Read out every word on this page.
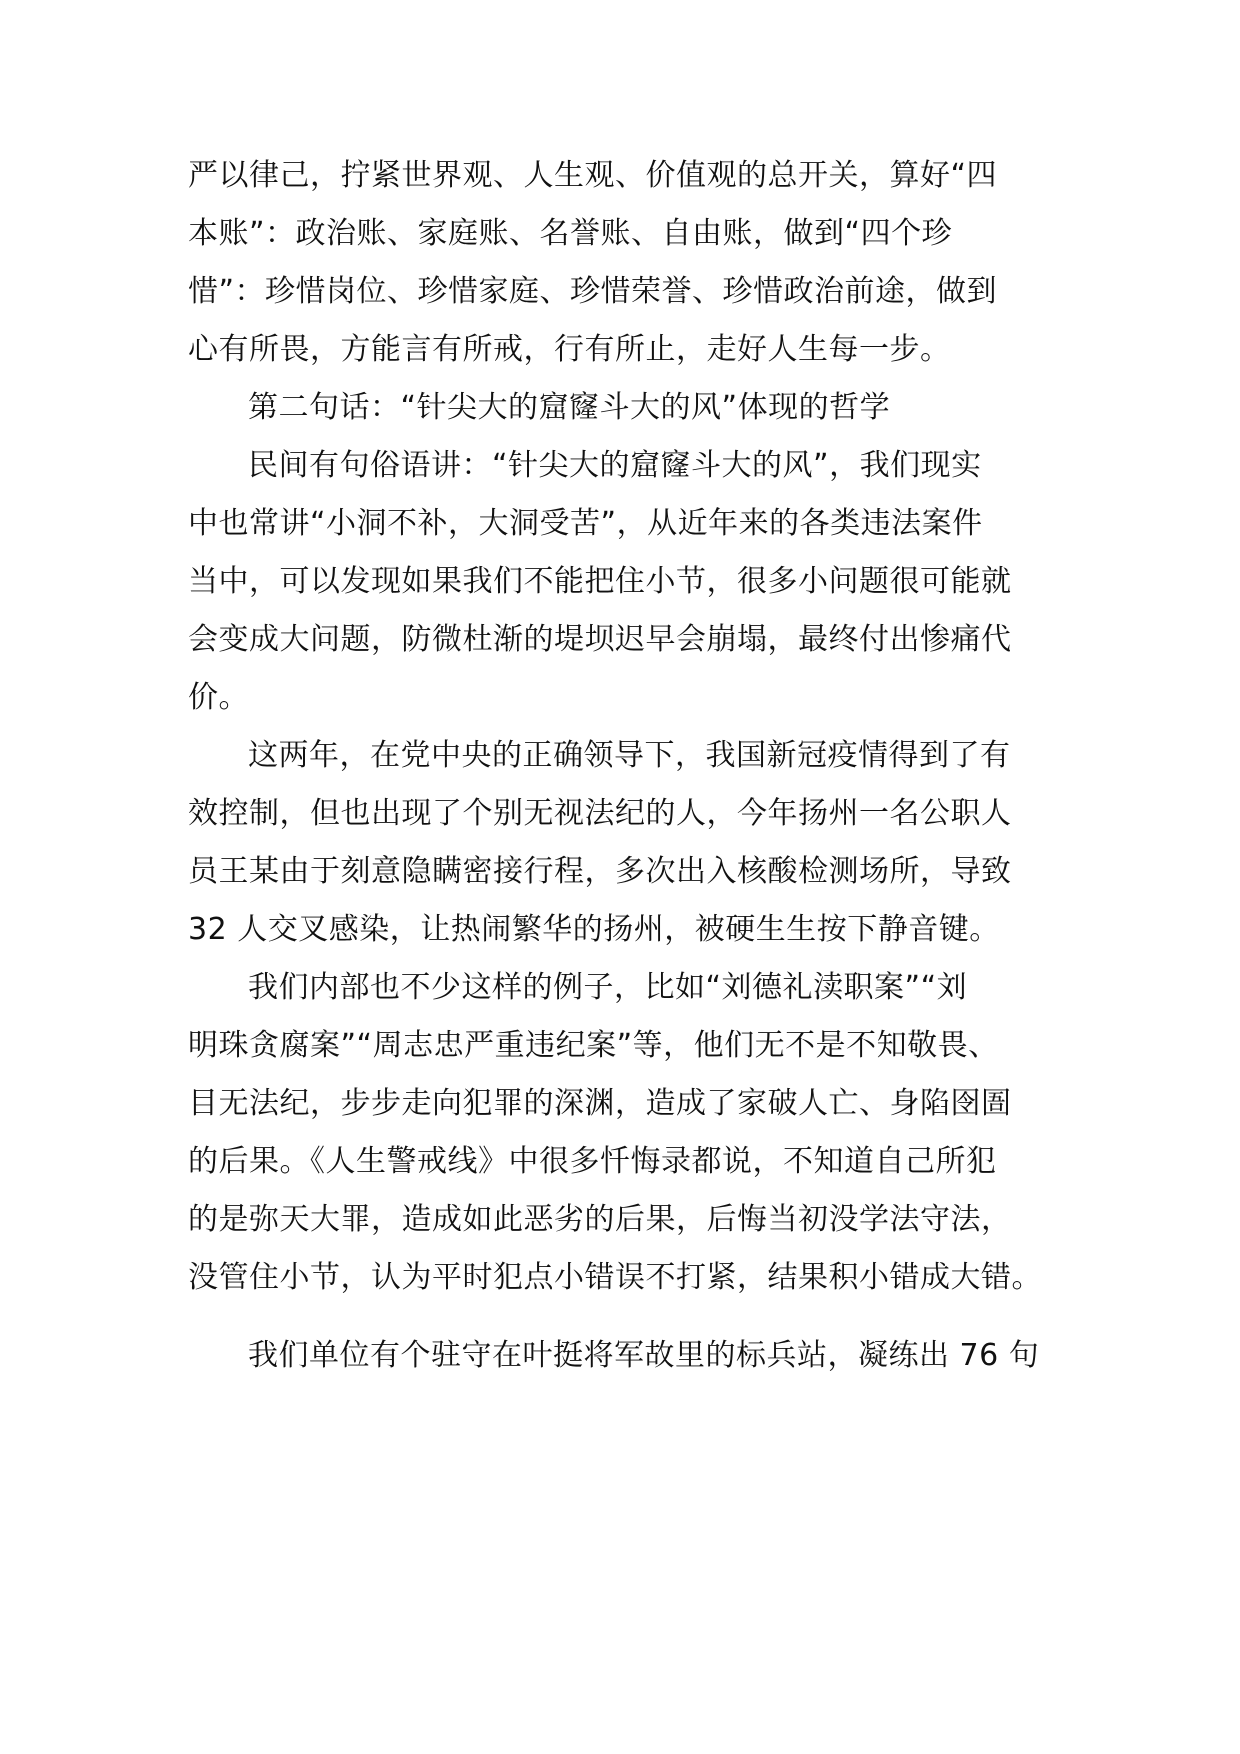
严以律己，拧紧世界观、人生观、价值观的总开关，算好“四
本账”：政治账、家庭账、名誉账、自由账，做到“四个珍
惜”：珍惜岗位、珍惜家庭、珍惜荣誉、珍惜政治前途，做到
心有所畏，方能言有所戒，行有所止，走好人生每一步。
第二句话：“针尖大的窟窿斗大的风”体现的哲学
民间有句俗语讲：“针尖大的窟窿斗大的风”，我们现实
中也常讲“小洞不补，大洞受苦”，从近年来的各类违法案件
当中，可以发现如果我们不能把住小节，很多小问题很可能就
会变成大问题，防微杜渐的堤坝迟早会崩塌，最终付出惨痛代
价。
这两年，在党中央的正确领导下，我国新冠疫情得到了有
效控制，但也出现了个别无视法纪的人，今年扬州一名公职人
员王某由于刻意隐瞒密接行程，多次出入核酸检测场所，导致
32 人交叉感染，让热闹繁华的扬州，被硬生生按下静音键。
我们内部也不少这样的例子，比如“刘德礼渎职案”“刘
明珠贪腐案”“周志忠严重违纪案”等，他们无不是不知敬畏、
目无法纪，步步走向犯罪的深渊，造成了家破人亡、身陷囹圄
的后果。《人生警戒线》中很多忏悔录都说，不知道自己所犯
的是弥天大罪，造成如此恶劣的后果，后悔当初没学法守法，
没管住小节，认为平时犯点小错误不打紧，结果积小错成大错。
我们单位有个驻守在叶挺将军故里的标兵站，凝练出 76 句
